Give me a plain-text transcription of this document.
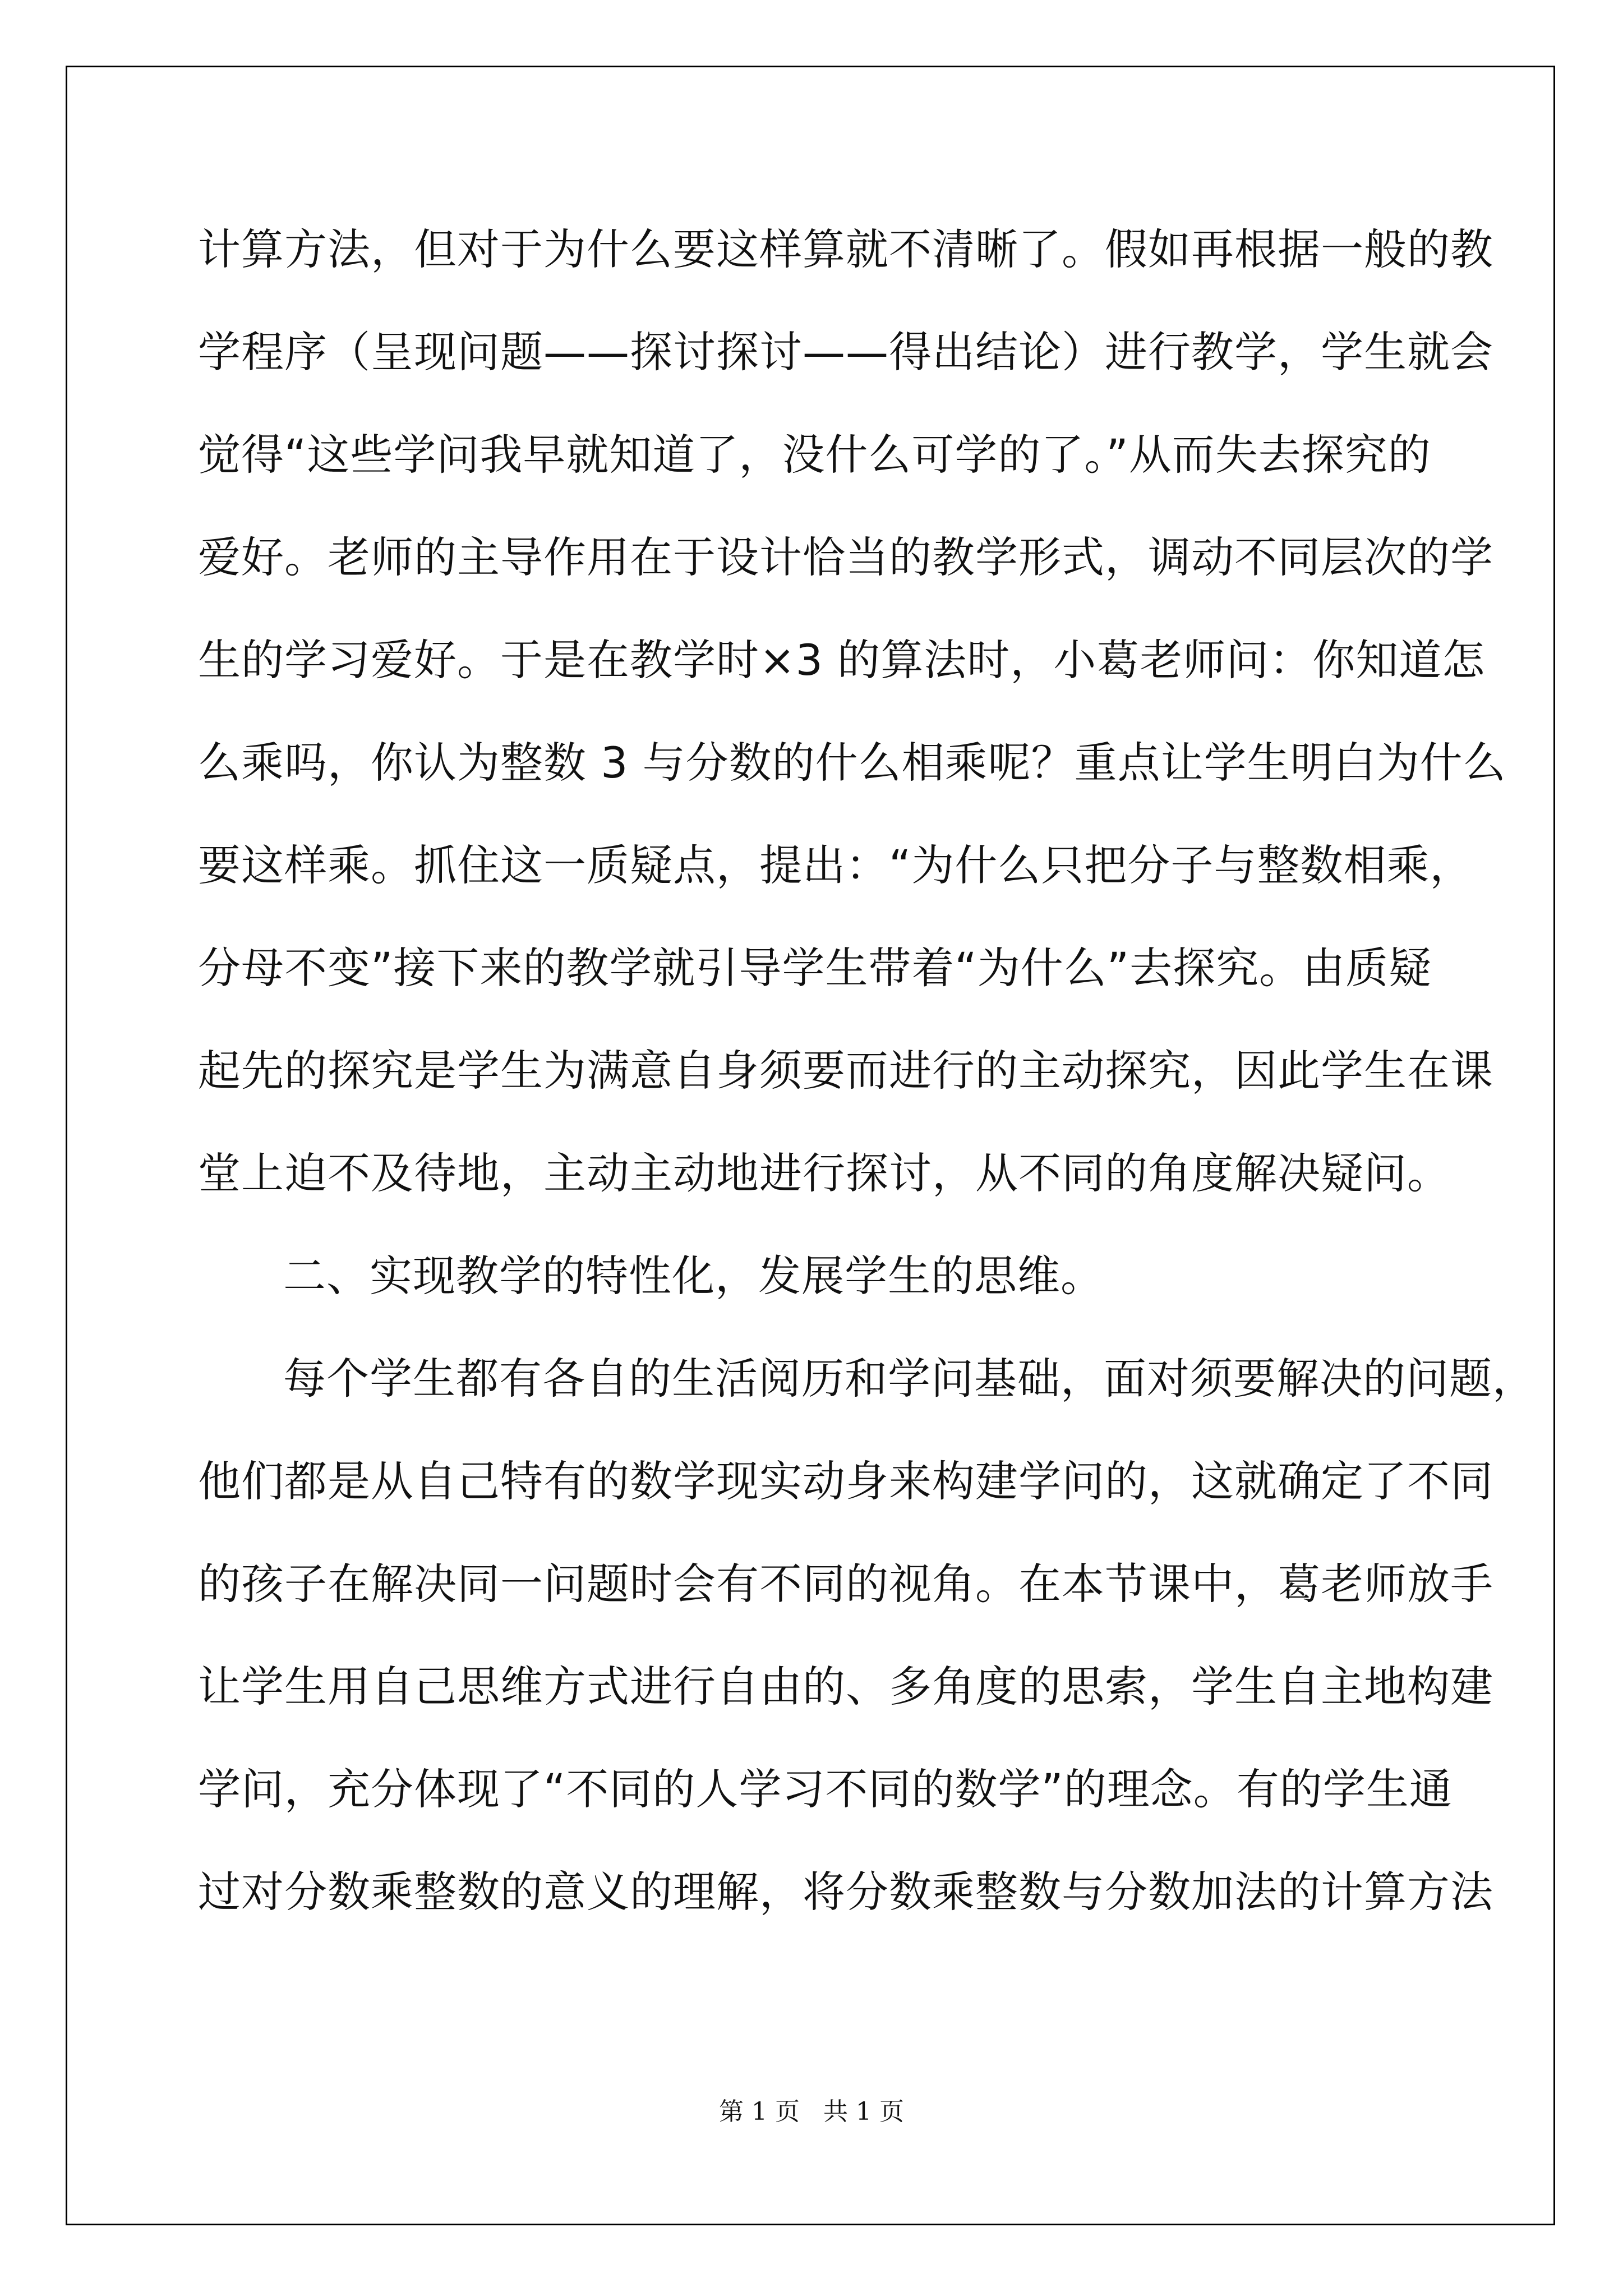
计算方法，但对于为什么要这样算就不清晰了。假如再根据一般的教
学程序（呈现问题——探讨探讨——得出结论）进行教学，学生就会
觉得“这些学问我早就知道了，没什么可学的了。”从而失去探究的
爱好。老师的主导作用在于设计恰当的教学形式，调动不同层次的学
生的学习爱好。于是在教学时×3 的算法时，小葛老师问：你知道怎
么乘吗，你认为整数 3 与分数的什么相乘呢？重点让学生明白为什么
要这样乘。抓住这一质疑点，提出：“为什么只把分子与整数相乘，
分母不变”接下来的教学就引导学生带着“为什么”去探究。由质疑
起先的探究是学生为满意自身须要而进行的主动探究，因此学生在课
堂上迫不及待地，主动主动地进行探讨，从不同的角度解决疑问。
二、实现教学的特性化，发展学生的思维。
每个学生都有各自的生活阅历和学问基础，面对须要解决的问题，
他们都是从自己特有的数学现实动身来构建学问的，这就确定了不同
的孩子在解决同一问题时会有不同的视角。在本节课中，葛老师放手
让学生用自己思维方式进行自由的、多角度的思索，学生自主地构建
学问，充分体现了“不同的人学习不同的数学”的理念。有的学生通
过对分数乘整数的意义的理解，将分数乘整数与分数加法的计算方法
第 1 页   共 1 页
